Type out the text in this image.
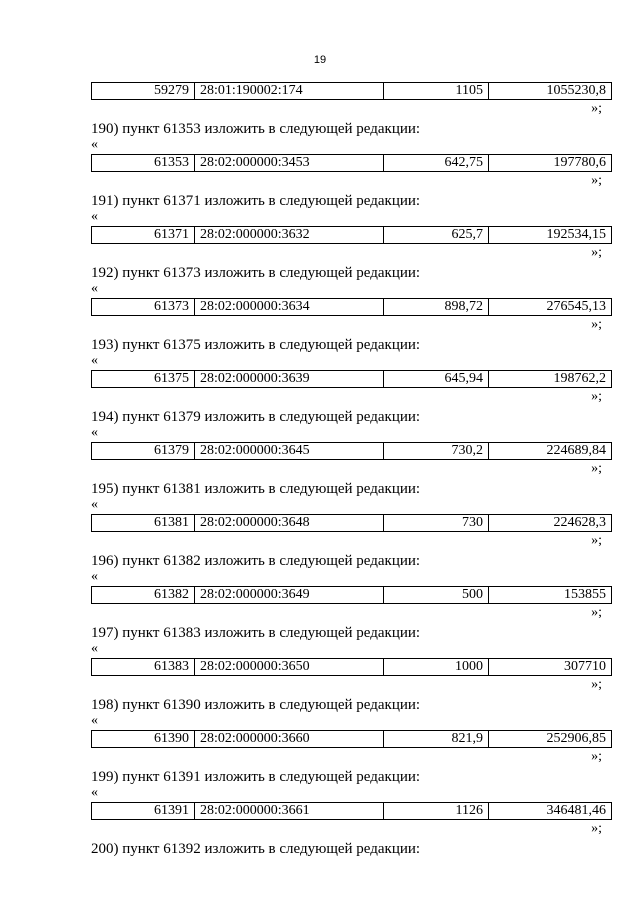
19
59279	28:01:190002:174	1105	1055230,8
»;
190) пункт 61353 изложить в следующей редакции:
«
61353	28:02:000000:3453	642,75	197780,6
»;
191) пункт 61371 изложить в следующей редакции:
«
61371	28:02:000000:3632	625,7	192534,15
»;
192) пункт 61373 изложить в следующей редакции:
«
61373	28:02:000000:3634	898,72	276545,13
»;
193) пункт 61375 изложить в следующей редакции:
«
61375	28:02:000000:3639	645,94	198762,2
»;
194) пункт 61379 изложить в следующей редакции:
«
61379	28:02:000000:3645	730,2	224689,84
»;
195) пункт 61381 изложить в следующей редакции:
«
61381	28:02:000000:3648	730	224628,3
»;
196) пункт 61382 изложить в следующей редакции:
«
61382	28:02:000000:3649	500	153855
»;
197) пункт 61383 изложить в следующей редакции:
«
61383	28:02:000000:3650	1000	307710
»;
198) пункт 61390 изложить в следующей редакции:
«
61390	28:02:000000:3660	821,9	252906,85
»;
199) пункт 61391 изложить в следующей редакции:
«
61391	28:02:000000:3661	1126	346481,46
»;
200) пункт 61392 изложить в следующей редакции:
